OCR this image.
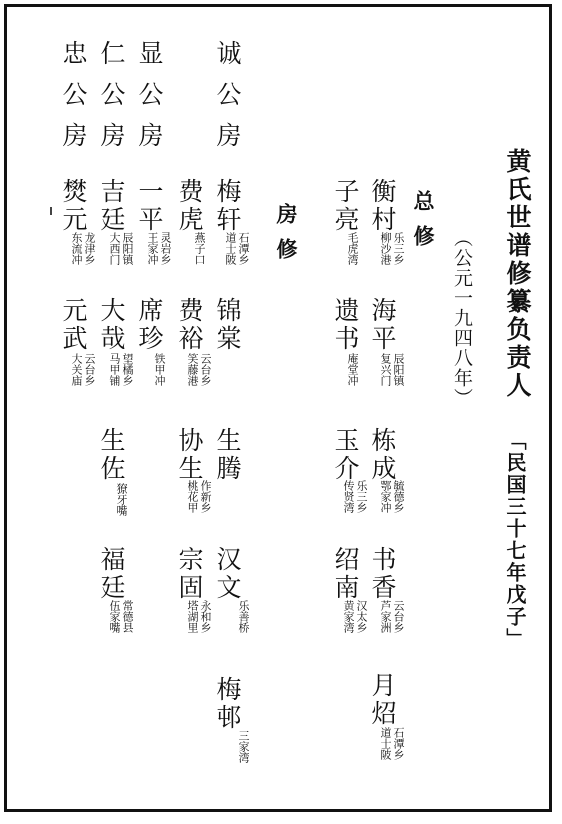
黄氏世谱修纂负责人
「民国三十七年戊子」
（公元一九四八年）
总修
房修
诚公房
显公房
仁公房
忠公房
衡村
乐三乡
柳沙港
海平
辰阳镇
复兴门
栋成
毓德乡
鄂家冲
书香
云台乡
芦家洲
月炤
石潭乡
道士陂
子亮
毛虎湾
遗书
庵堂冲
玉介
乐三乡
传贤湾
绍南
汉太乡
黄家湾
梅轩
石潭乡
道士陂
锦棠
生腾
汉文
乐善桥
梅邨
三家湾
费虎
燕子口
费裕
云台乡
笑藤港
协生
作新乡
桃花甲
宗固
永和乡
塔湖里
一平
灵岩乡
王家冲
席珍
铁甲冲
吉廷
辰阳镇
大西门
大哉
望橘乡
马甲铺
生佐
獠牙嘴
福廷
常德县
伍家嘴
燓元
龙津乡
东流冲
元武
云台乡
大关庙
